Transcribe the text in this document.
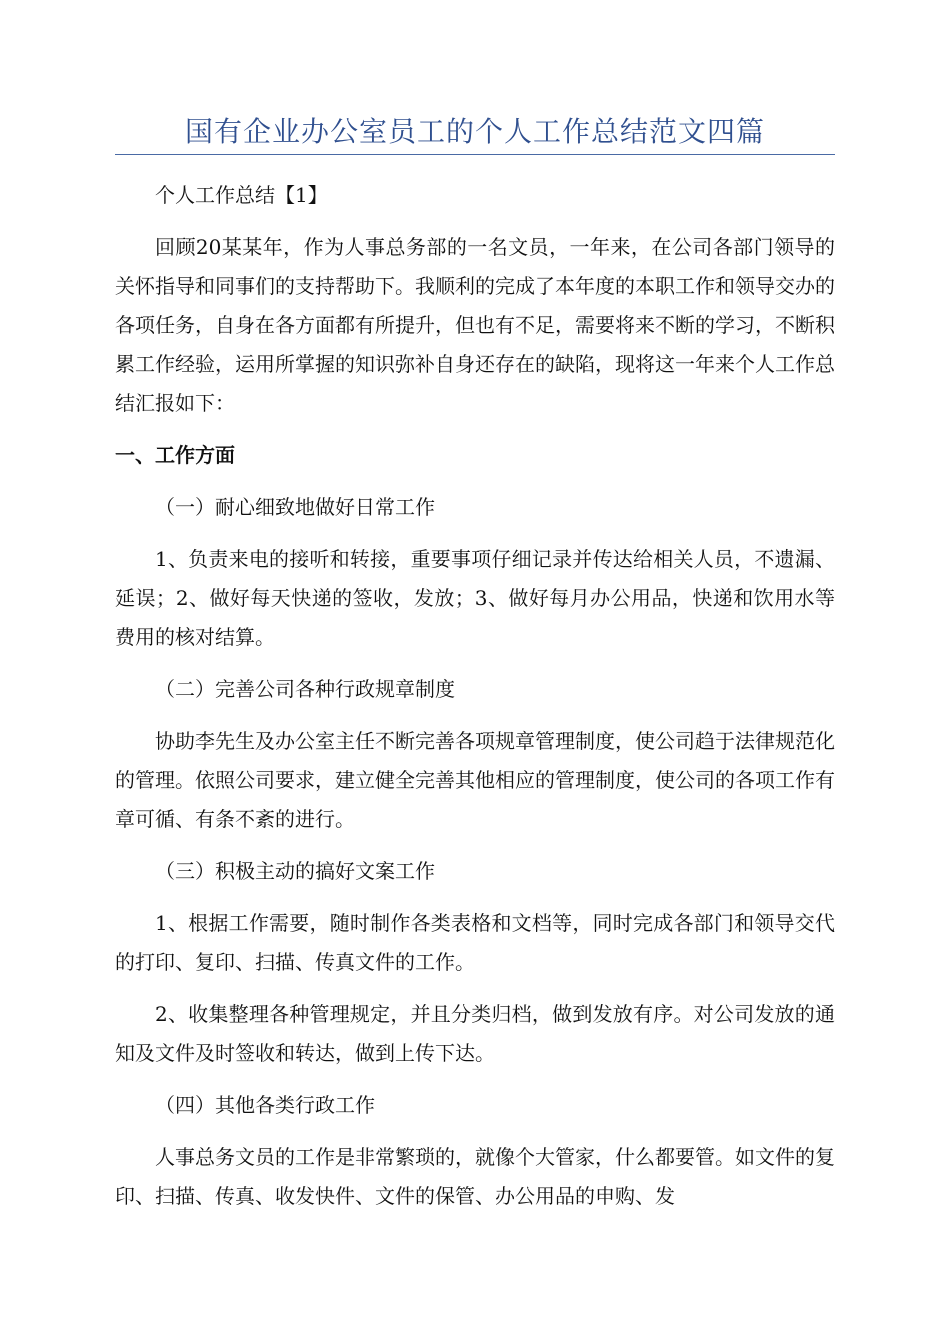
国有企业办公室员工的个人工作总结范文四篇

个人工作总结【1】

回顾20某某年，作为人事总务部的一名文员，一年来，在公司各部门领导的关怀指导和同事们的支持帮助下。我顺利的完成了本年度的本职工作和领导交办的各项任务，自身在各方面都有所提升，但也有不足，需要将来不断的学习，不断积累工作经验，运用所掌握的知识弥补自身还存在的缺陷，现将这一年来个人工作总结汇报如下：

一、工作方面

（一）耐心细致地做好日常工作

1、负责来电的接听和转接，重要事项仔细记录并传达给相关人员，不遗漏、延误；2、做好每天快递的签收，发放；3、做好每月办公用品，快递和饮用水等费用的核对结算。

（二）完善公司各种行政规章制度

协助李先生及办公室主任不断完善各项规章管理制度，使公司趋于法律规范化的管理。依照公司要求，建立健全完善其他相应的管理制度，使公司的各项工作有章可循、有条不紊的进行。

（三）积极主动的搞好文案工作

1、根据工作需要，随时制作各类表格和文档等，同时完成各部门和领导交代的打印、复印、扫描、传真文件的工作。

2、收集整理各种管理规定，并且分类归档，做到发放有序。对公司发放的通知及文件及时签收和转达，做到上传下达。

（四）其他各类行政工作

人事总务文员的工作是非常繁琐的，就像个大管家，什么都要管。如文件的复印、扫描、传真、收发快件、文件的保管、办公用品的申购、发
